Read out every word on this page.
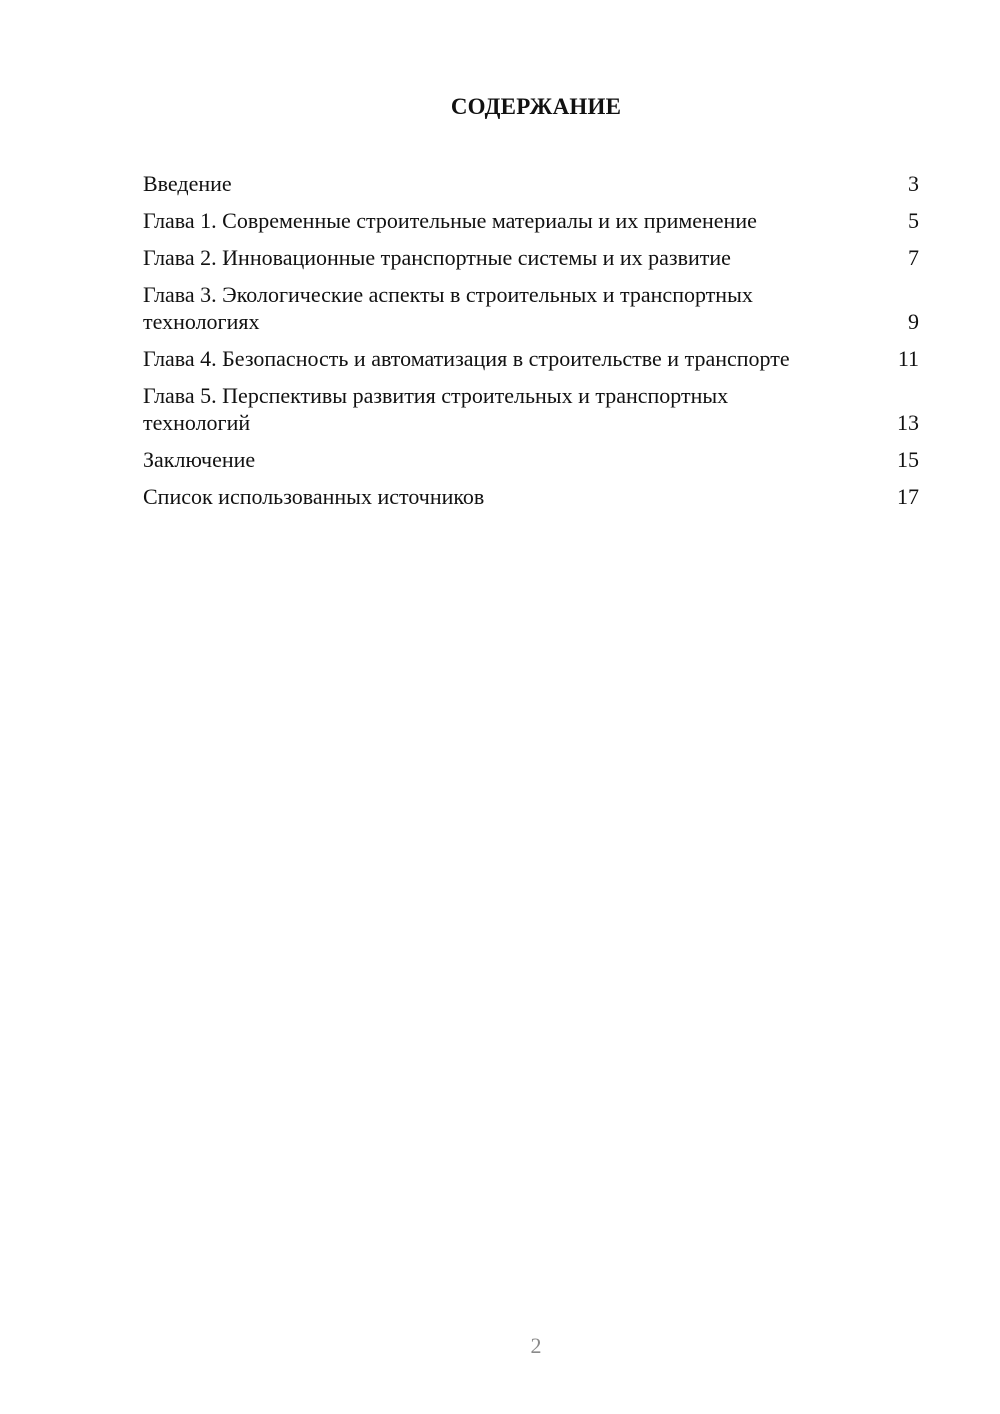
СОДЕРЖАНИЕ
Введение	3
Глава 1. Современные строительные материалы и их применение	5
Глава 2. Инновационные транспортные системы и их развитие	7
Глава 3. Экологические аспекты в строительных и транспортных технологиях	9
Глава 4. Безопасность и автоматизация в строительстве и транспорте	11
Глава 5. Перспективы развития строительных и транспортных технологий	13
Заключение	15
Список использованных источников	17
2
